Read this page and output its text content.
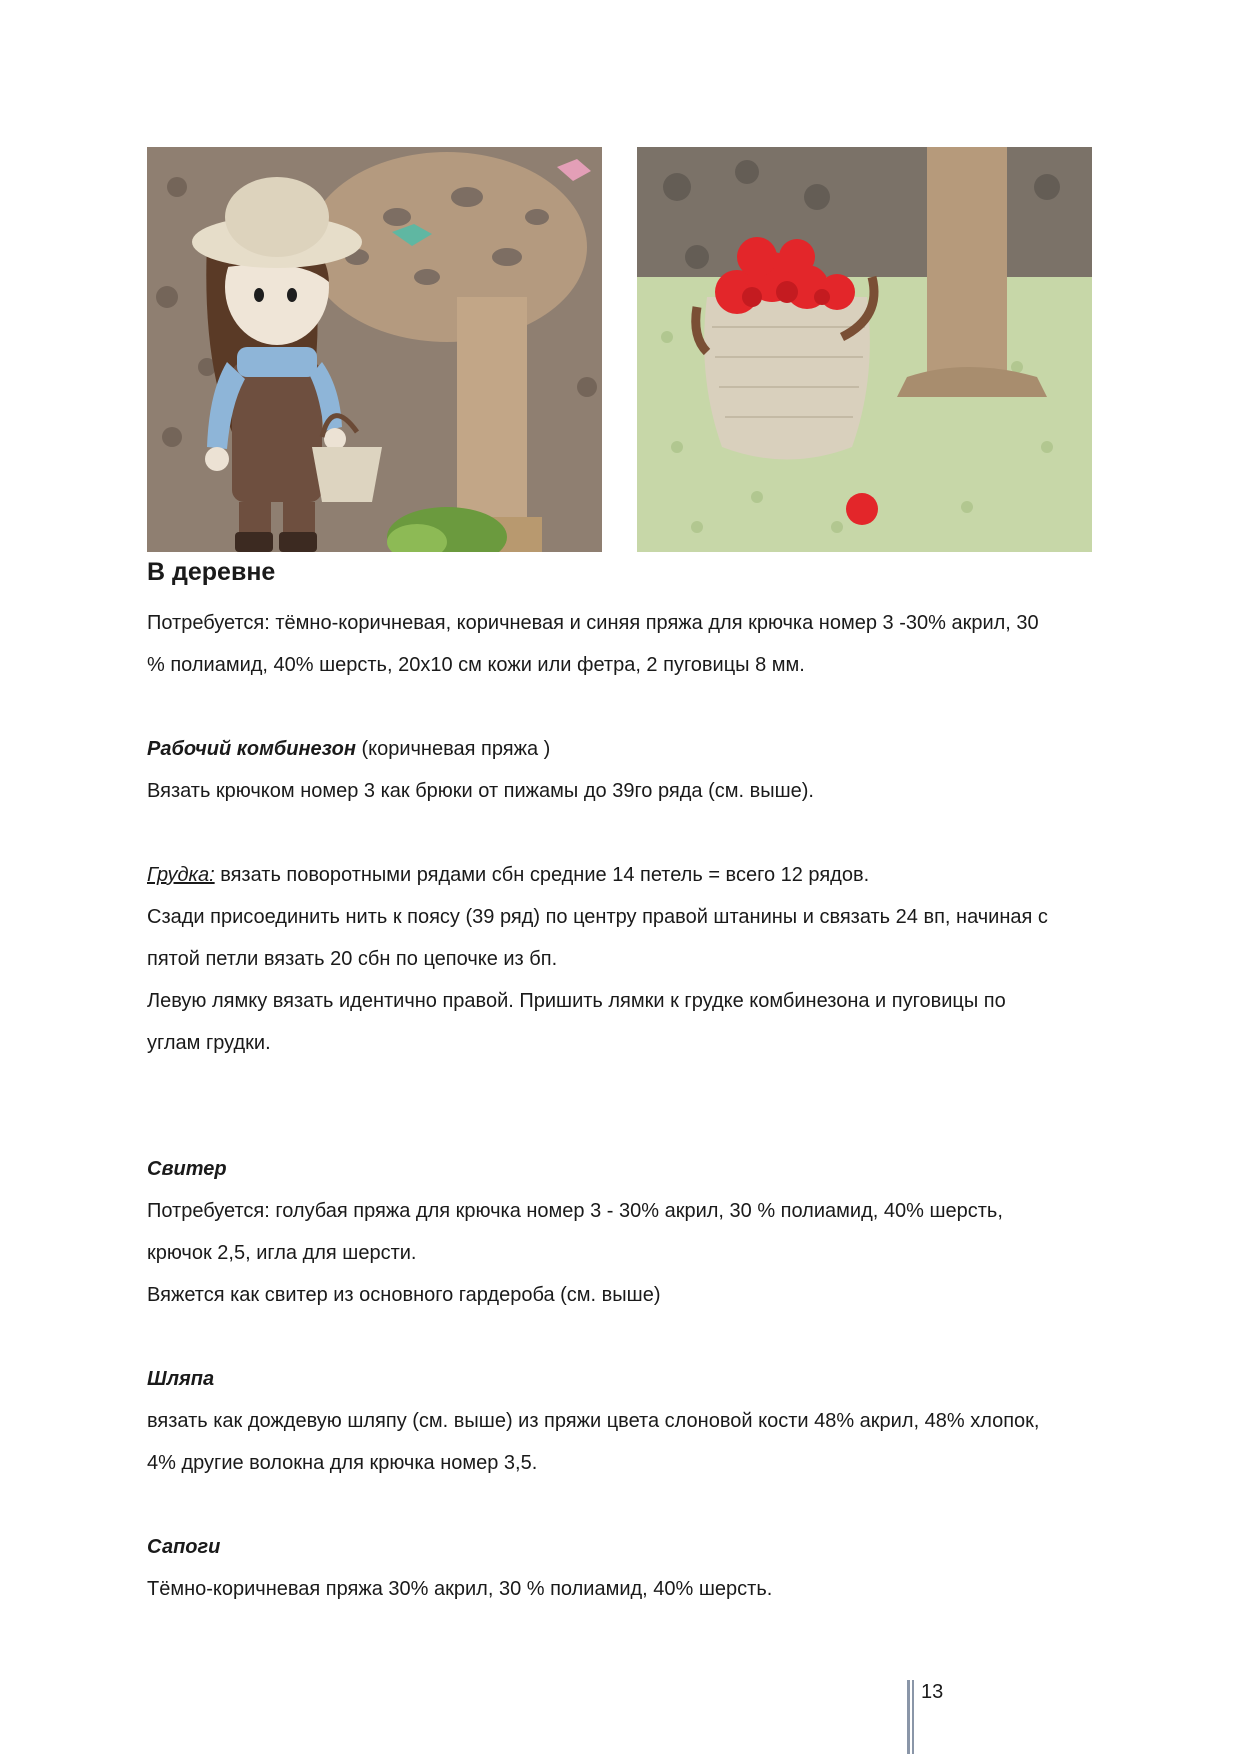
В деревне
Потребуется: тёмно-коричневая, коричневая и синяя пряжа для крючка номер 3 -30% акрил, 30
% полиамид, 40% шерсть, 20х10 см кожи или фетра, 2 пуговицы 8 мм.
Рабочий комбинезон (коричневая пряжа )
Вязать крючком номер 3 как брюки от пижамы до 39го ряда (см. выше).
Грудка: вязать поворотными рядами сбн средние 14 петель = всего 12 рядов.
Сзади присоединить нить к поясу (39 ряд) по центру правой штанины и связать 24 вп, начиная с
пятой петли вязать 20 сбн по цепочке из бп.
Левую лямку вязать идентично правой. Пришить лямки к грудке комбинезона и пуговицы по
углам грудки.
Свитер
Потребуется: голубая пряжа для крючка номер 3 - 30% акрил, 30 % полиамид, 40% шерсть,
крючок 2,5, игла для шерсти.
Вяжется как свитер из основного гардероба (см. выше)
Шляпа
вязать как дождевую шляпу (см. выше) из пряжи цвета слоновой кости 48% акрил, 48% хлопок,
4% другие волокна для крючка номер 3,5.
Сапоги
Тёмно-коричневая пряжа 30% акрил, 30 % полиамид, 40% шерсть.
13
